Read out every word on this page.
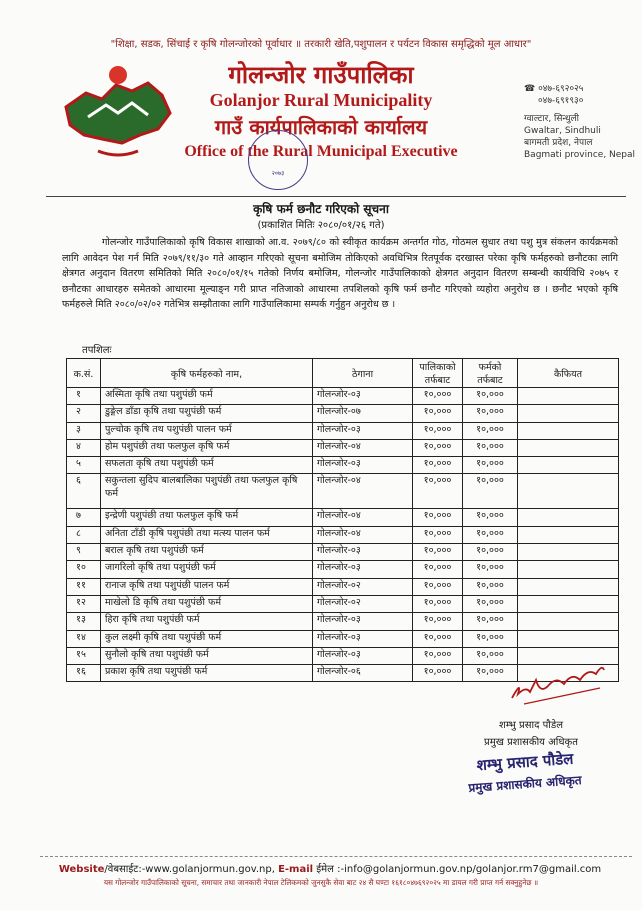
"शिक्षा, सडक, सिंचाई र कृषि गोलन्जोरको पूर्वाधार ॥ तरकारी खेति,पशुपालन र पर्यटन विकास समृद्धिको मूल आधार"
गोलन्जोर गाउँपालिका
Golanjor Rural Municipality
गाउँ कार्यपालिकाको कार्यालय
Office of the Rural Municipal Executive
☎ ०४७-६९२०२५
०४७-६९१९३०
ग्वाल्टार, सिन्धुली
Gwaltar, Sindhuli
बागमती प्रदेश, नेपाल
Bagmati province, Nepal
२०७३
कृषि फर्म छनौट गरिएको सूचना
(प्रकाशित मितिः २०८०/०१/२६ गते)
गोलन्जोर गाउँपालिकाको कृषि विकास शाखाको आ.व. २०७९/८० को स्वीकृत कार्यक्रम अन्तर्गत गोठ, गोठमल सुधार तथा पशु मुत्र संकलन कार्यक्रमको लागि आवेदन पेश गर्न मिति २०७९/११/३० गते आव्हान गरिएको सूचना बमोजिम तोकिएको अवधिभित्र रितपूर्वक दरखास्त परेका कृषि फर्महरुको छनौटका लागि क्षेत्रगत अनुदान वितरण समितिको मिति २०८०/०१/१५ गतेको निर्णय बमोजिम, गोलन्जोर गाउँपालिकाको क्षेत्रगत अनुदान वितरण सम्बन्धी कार्यविधि २०७५ र छनौटका आधारहरु समेतको आधारमा मूल्याङ्न गरी प्राप्त नतिजाको आधारमा तपशिलको कृषि फर्म छनौट गरिएको व्यहोरा अनुरोध छ । छनौट भएको कृषि फर्महरुले मिति २०८०/०२/०२ गतेभित्र सम्झौताका लागि गाउँपालिकामा सम्पर्क गर्नुहुन अनुरोध छ ।
तपशिलः
क.सं.	कृषि फर्महरुको नाम,	ठेगाना	पालिकाको तर्फबाट	फर्मको तर्फबाट	कैफियत
१	अस्मिता कृषि तथा पशुपंछी फर्म	गोलन्जोर-०३	१०,०००	१०,०००	
२	डुङ्गेल डाँडा कृषि तथा पशुपंछी फर्म	गोलन्जोर-०७	१०,०००	१०,०००	
३	पुल्चोक कृषि तथ पशुपंछी पालन फर्म	गोलन्जोर-०३	१०,०००	१०,०००	
४	होम पशुपंछी तथा फलफुल कृषि फर्म	गोलन्जोर-०४	१०,०००	१०,०००	
५	सफलता कृषि तथा पशुपंछी फर्म	गोलन्जोर-०३	१०,०००	१०,०००	
६	सकुन्तला सुदिप बालबालिका पशुपंछी तथा फलफुल कृषि फर्म	गोलन्जोर-०४	१०,०००	१०,०००	
७	इन्द्रेणी पशुपंछी तथा फलफुल कृषि फर्म	गोलन्जोर-०४	१०,०००	१०,०००	
८	अनिता टाँडी कृषि पशुपंछी तथा मत्स्य पालन फर्म	गोलन्जोर-०४	१०,०००	१०,०००	
९	बराल कृषि तथा पशुपंछी फर्म	गोलन्जोर-०३	१०,०००	१०,०००	
१०	जागरिलो कृषि तथा पशुपंछी फर्म	गोलन्जोर-०३	१०,०००	१०,०००	
११	रानाज कृषि तथा पशुपंछी पालन फर्म	गोलन्जोर-०२	१०,०००	१०,०००	
१२	माखेलो डि कृषि तथा पशुपंछी फर्म	गोलन्जोर-०२	१०,०००	१०,०००	
१३	हिरा कृषि तथा पशुपंछी फर्म	गोलन्जोर-०३	१०,०००	१०,०००	
१४	कुल लक्ष्मी कृषि तथा पशुपंछी फर्म	गोलन्जोर-०३	१०,०००	१०,०००	
१५	सुनौलो कृषि तथा पशुपंछी फर्म	गोलन्जोर-०३	१०,०००	१०,०००	
१६	प्रकाश कृषि तथा पशुपंछी फर्म	गोलन्जोर-०६	१०,०००	१०,०००	
शम्भु प्रसाद पौडेल
प्रमुख प्रशासकीय अधिकृत
शम्भु प्रसाद पौडेल
प्रमुख प्रशासकीय अधिकृत
Website/वेबसाईट:-www.golanjormun.gov.np, E-mail ईमेल :-info@golanjormun.gov.np/golanjor.rm7@gmail.com
यस गोलन्जोर गाउँपालिकाको सूचना, समाचार तथा जानकारी नेपाल टेलिकमको जुनसुकै सेवा बाट २४ सै घण्टा १६१८०४७६९२०२५ मा डायल गरी प्राप्त गर्न सक्नुहुनेछ ॥
